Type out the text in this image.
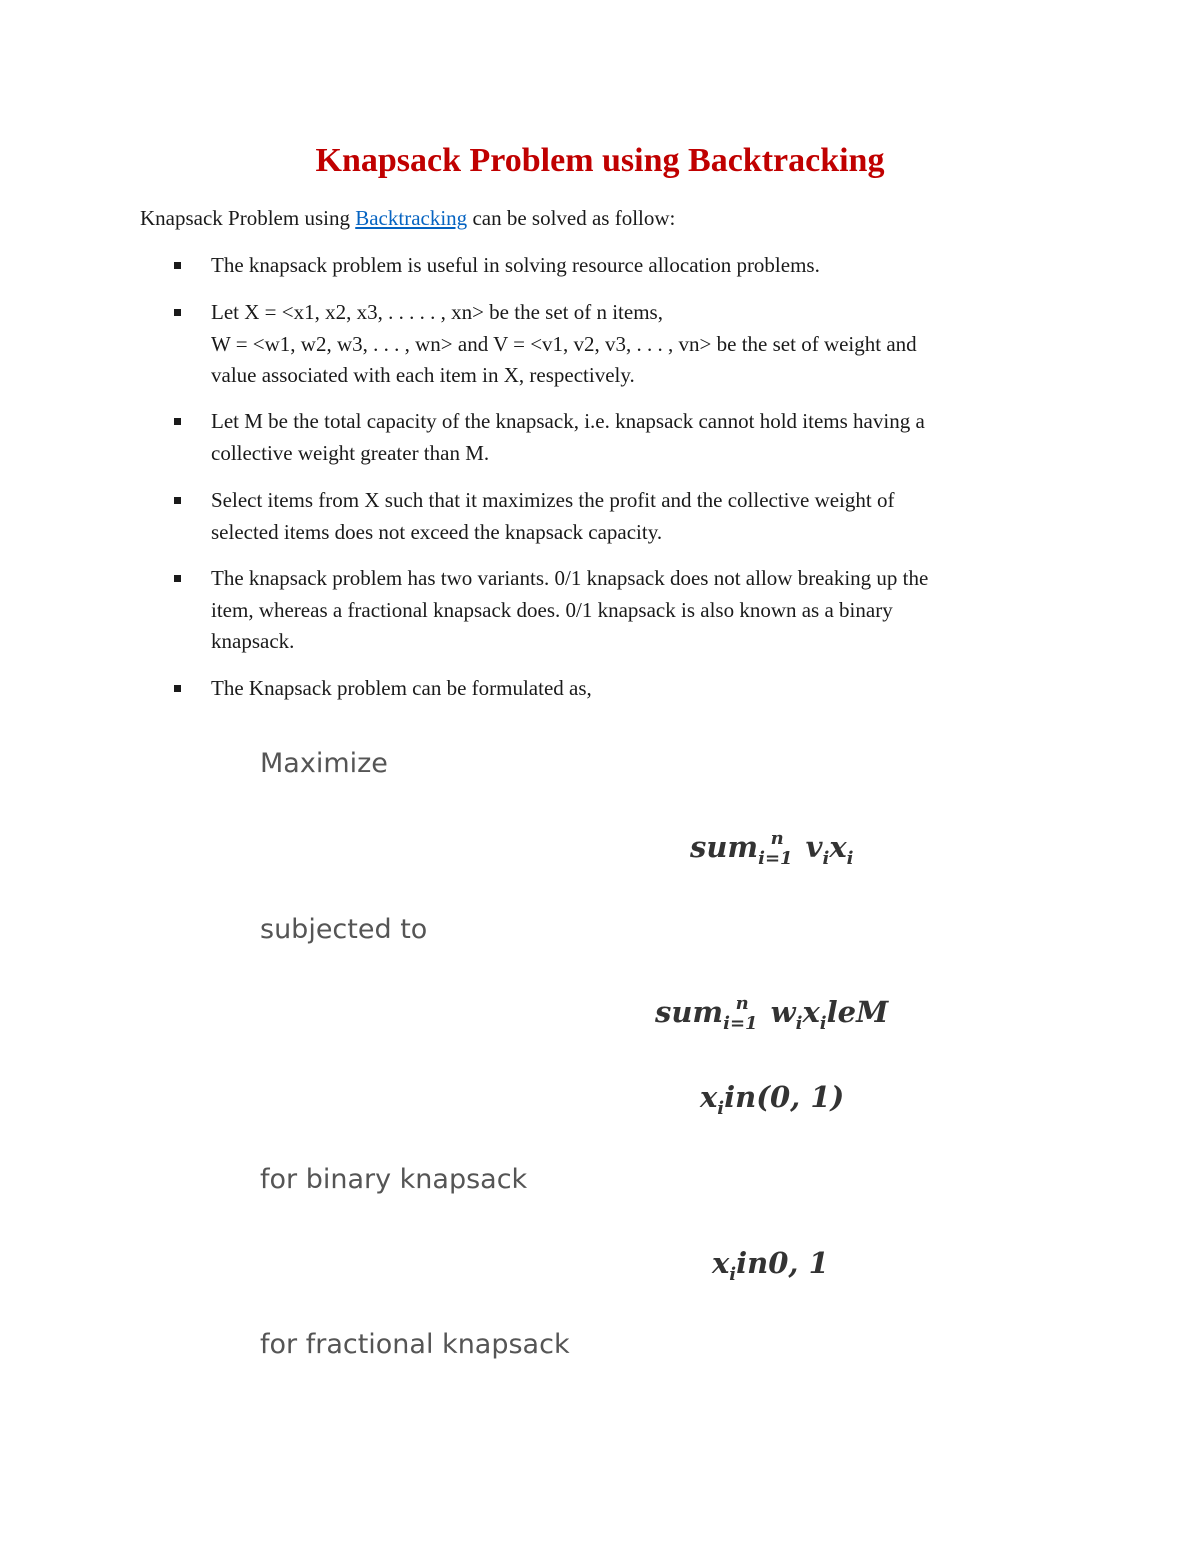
Knapsack Problem using Backtracking

Knapsack Problem using Backtracking can be solved as follow:

The knapsack problem is useful in solving resource allocation problems.
Let X = <x1, x2, x3, . . . . . , xn> be the set of n items,
W = <w1, w2, w3, . . . , wn> and V = <v1, v2, v3, . . . , vn> be the set of weight and
value associated with each item in X, respectively.
Let M be the total capacity of the knapsack, i.e. knapsack cannot hold items having a
collective weight greater than M.
Select items from X such that it maximizes the profit and the collective weight of
selected items does not exceed the knapsack capacity.
The knapsack problem has two variants. 0/1 knapsack does not allow breaking up the
item, whereas a fractional knapsack does. 0/1 knapsack is also known as a binary
knapsack.
The Knapsack problem can be formulated as,
Maximize
sum$_{i=1}^n$ $v_ix_i$
subjected to
sum$_{i=1}^n$ $w_ix_ileM$
$x_iin(0$, 1)
for binary knapsack
$x_iin0$, 1
for fractional knapsack
